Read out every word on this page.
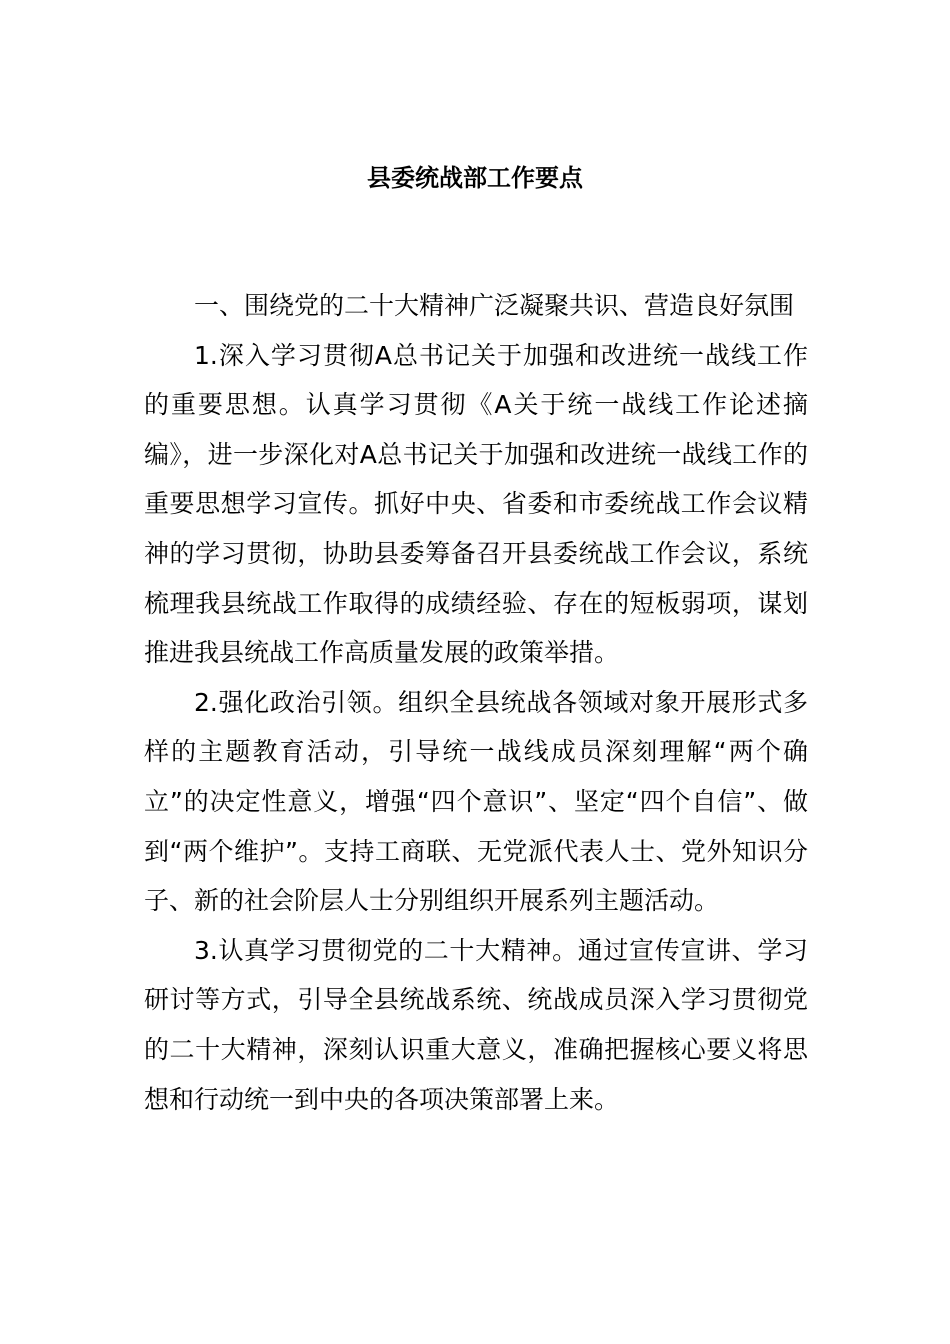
县委统战部工作要点

一、围绕党的二十大精神广泛凝聚共识、营造良好氛围

1.深入学习贯彻A总书记关于加强和改进统一战线工作的重要思想。认真学习贯彻《A关于统一战线工作论述摘编》，进一步深化对A总书记关于加强和改进统一战线工作的重要思想学习宣传。抓好中央、省委和市委统战工作会议精神的学习贯彻，协助县委筹备召开县委统战工作会议，系统梳理我县统战工作取得的成绩经验、存在的短板弱项，谋划推进我县统战工作高质量发展的政策举措。

2.强化政治引领。组织全县统战各领域对象开展形式多样的主题教育活动，引导统一战线成员深刻理解“两个确立”的决定性意义，增强“四个意识”、坚定“四个自信”、做到“两个维护”。支持工商联、无党派代表人士、党外知识分子、新的社会阶层人士分别组织开展系列主题活动。

3.认真学习贯彻党的二十大精神。通过宣传宣讲、学习研讨等方式，引导全县统战系统、统战成员深入学习贯彻党的二十大精神，深刻认识重大意义，准确把握核心要义将思想和行动统一到中央的各项决策部署上来。
